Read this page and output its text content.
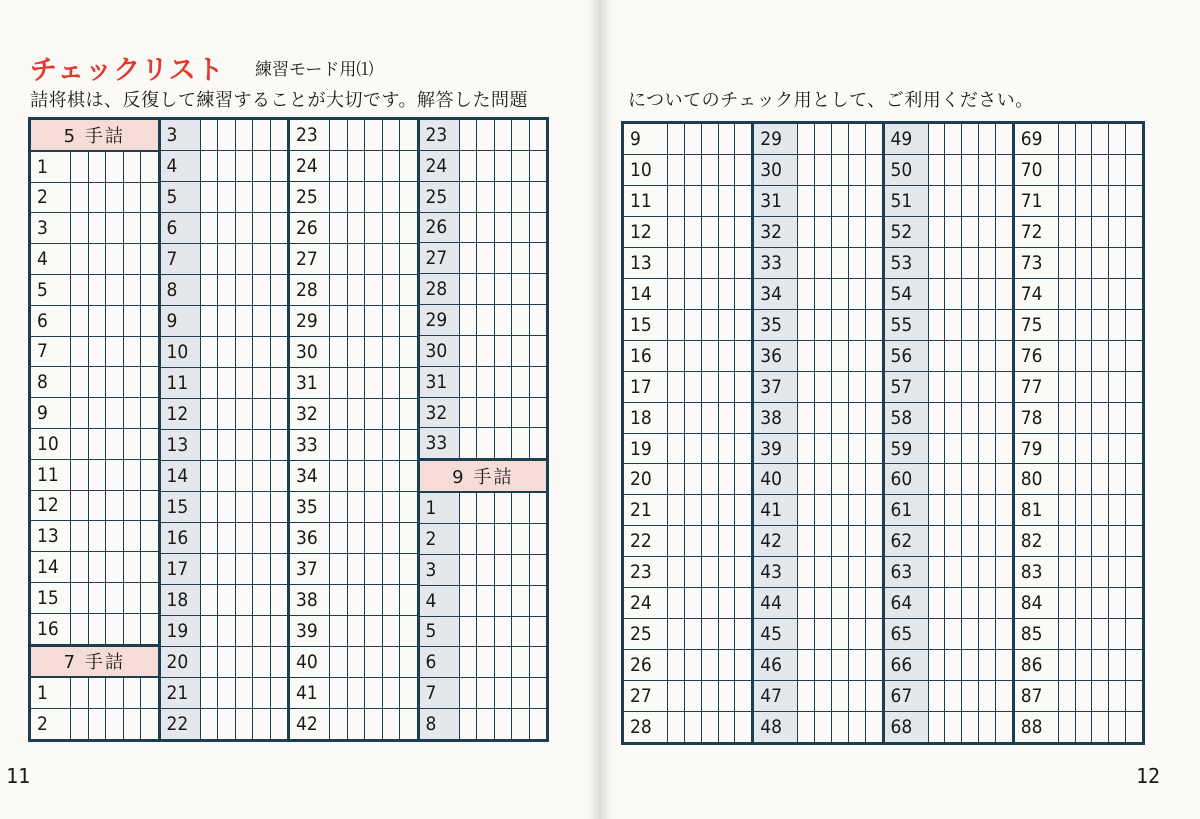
チェックリスト 練習モード用⑴
詰将棋は、反復して練習することが大切です。解答した問題
5 手詰
1
2
3
4
5
6
7
8
9
10
11
12
13
14
15
16
7 手詰
1
2
3
4
5
6
7
8
9
10
11
12
13
14
15
16
17
18
19
20
21
22
23
24
25
26
27
28
29
30
31
32
33
34
35
36
37
38
39
40
41
42
23
24
25
26
27
28
29
30
31
32
33
9 手詰
1
2
3
4
5
6
7
8
11
についてのチェック用として、ご利用ください。
9
10
11
12
13
14
15
16
17
18
19
20
21
22
23
24
25
26
27
28
29
30
31
32
33
34
35
36
37
38
39
40
41
42
43
44
45
46
47
48
49
50
51
52
53
54
55
56
57
58
59
60
61
62
63
64
65
66
67
68
69
70
71
72
73
74
75
76
77
78
79
80
81
82
83
84
85
86
87
88
12
